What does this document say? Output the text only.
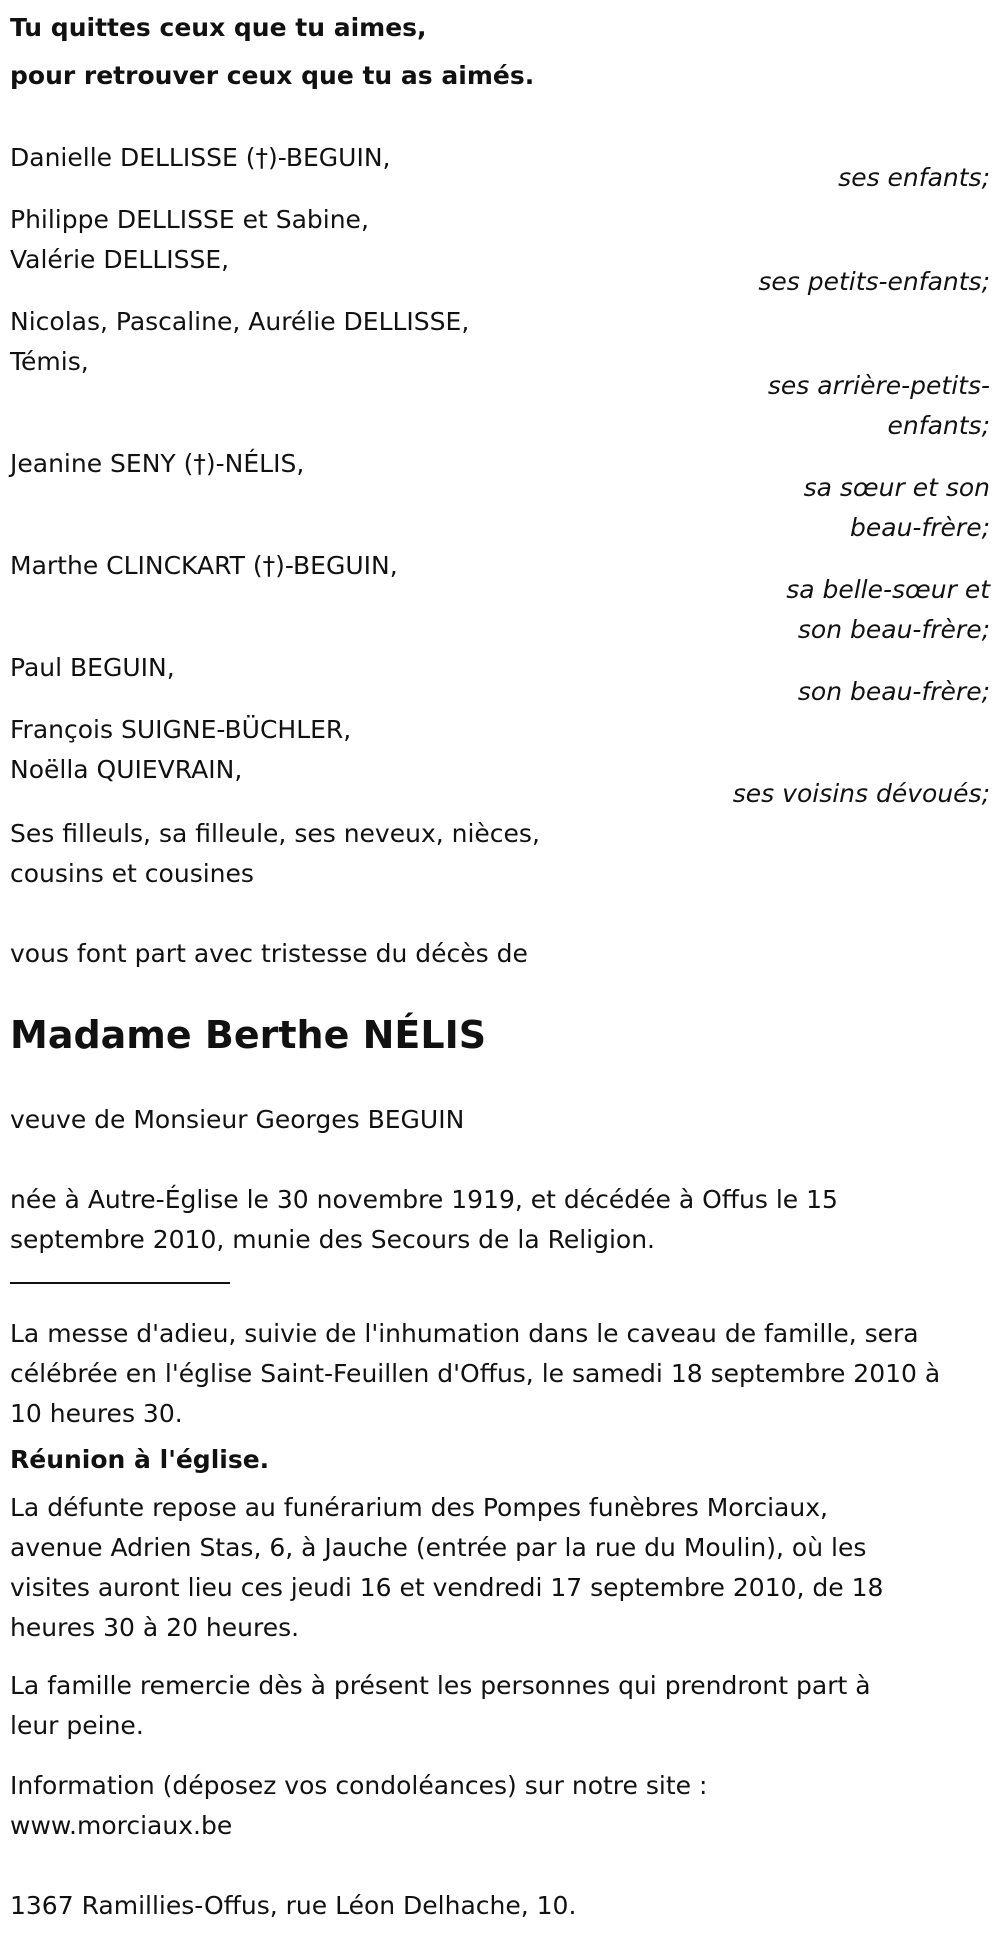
Tu quittes ceux que tu aimes,
pour retrouver ceux que tu as aimés.
Danielle DELLISSE (†)-BEGUIN,
ses enfants;
Philippe DELLISSE et Sabine,
Valérie DELLISSE,
ses petits-enfants;
Nicolas, Pascaline, Aurélie DELLISSE,
Témis,
ses arrière-petits-
enfants;
Jeanine SENY (†)-NÉLIS,
sa sœur et son
beau-frère;
Marthe CLINCKART (†)-BEGUIN,
sa belle-sœur et
son beau-frère;
Paul BEGUIN,
son beau-frère;
François SUIGNE-BÜCHLER,
Noëlla QUIEVRAIN,
ses voisins dévoués;
Ses filleuls, sa filleule, ses neveux, nièces,
cousins et cousines
vous font part avec tristesse du décès de
Madame Berthe NÉLIS
veuve de Monsieur Georges BEGUIN
née à Autre-Église le 30 novembre 1919, et décédée à Offus le 15
septembre 2010, munie des Secours de la Religion.
La messe d'adieu, suivie de l'inhumation dans le caveau de famille, sera
célébrée en l'église Saint-Feuillen d'Offus, le samedi 18 septembre 2010 à
10 heures 30.
Réunion à l'église.
La défunte repose au funérarium des Pompes funèbres Morciaux,
avenue Adrien Stas, 6, à Jauche (entrée par la rue du Moulin), où les
visites auront lieu ces jeudi 16 et vendredi 17 septembre 2010, de 18
heures 30 à 20 heures.
La famille remercie dès à présent les personnes qui prendront part à
leur peine.
Information (déposez vos condoléances) sur notre site :
www.morciaux.be
1367 Ramillies-Offus, rue Léon Delhache, 10.
